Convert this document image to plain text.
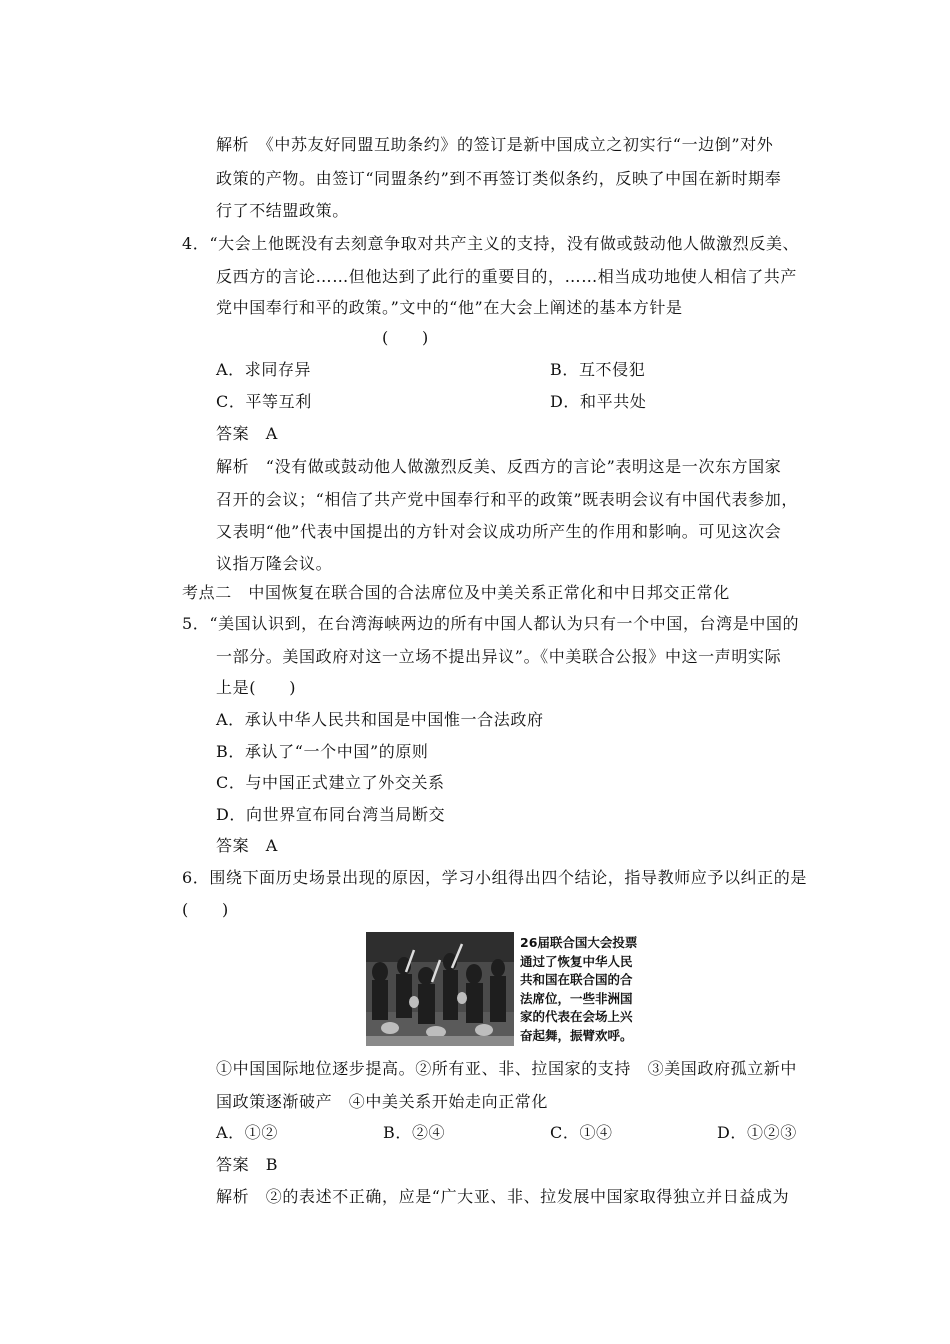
解析　《中苏友好同盟互助条约》的签订是新中国成立之初实行“一边倒”对外
政策的产物。由签订“同盟条约”到不再签订类似条约，反映了中国在新时期奉
行了不结盟政策。
4．“大会上他既没有去刻意争取对共产主义的支持，没有做或鼓动他人做激烈反美、
反西方的言论……但他达到了此行的重要目的，……相当成功地使人相信了共产
党中国奉行和平的政策。”文中的“他”在大会上阐述的基本方针是
(　　)
A．求同存异	B．互不侵犯
C．平等互利	D．和平共处
答案　A
解析　“没有做或鼓动他人做激烈反美、反西方的言论”表明这是一次东方国家
召开的会议；“相信了共产党中国奉行和平的政策”既表明会议有中国代表参加，
又表明“他”代表中国提出的方针对会议成功所产生的作用和影响。可见这次会
议指万隆会议。
考点二　中国恢复在联合国的合法席位及中美关系正常化和中日邦交正常化
5．“美国认识到，在台湾海峡两边的所有中国人都认为只有一个中国，台湾是中国的
一部分。美国政府对这一立场不提出异议”。《中美联合公报》中这一声明实际
上是(　　)
A．承认中华人民共和国是中国惟一合法政府
B．承认了“一个中国”的原则
C．与中国正式建立了外交关系
D．向世界宣布同台湾当局断交
答案　A
6．围绕下面历史场景出现的原因，学习小组得出四个结论，指导教师应予以纠正的是
(　　)
26届联合国大会投票
通过了恢复中华人民
共和国在联合国的合
法席位，一些非洲国
家的代表在会场上兴
奋起舞，振臂欢呼。
①中国国际地位逐步提高。②所有亚、非、拉国家的支持　③美国政府孤立新中
国政策逐渐破产　④中美关系开始走向正常化
A．①②	B．②④	C．①④	D．①②③
答案　B
解析　②的表述不正确，应是“广大亚、非、拉发展中国家取得独立并日益成为
